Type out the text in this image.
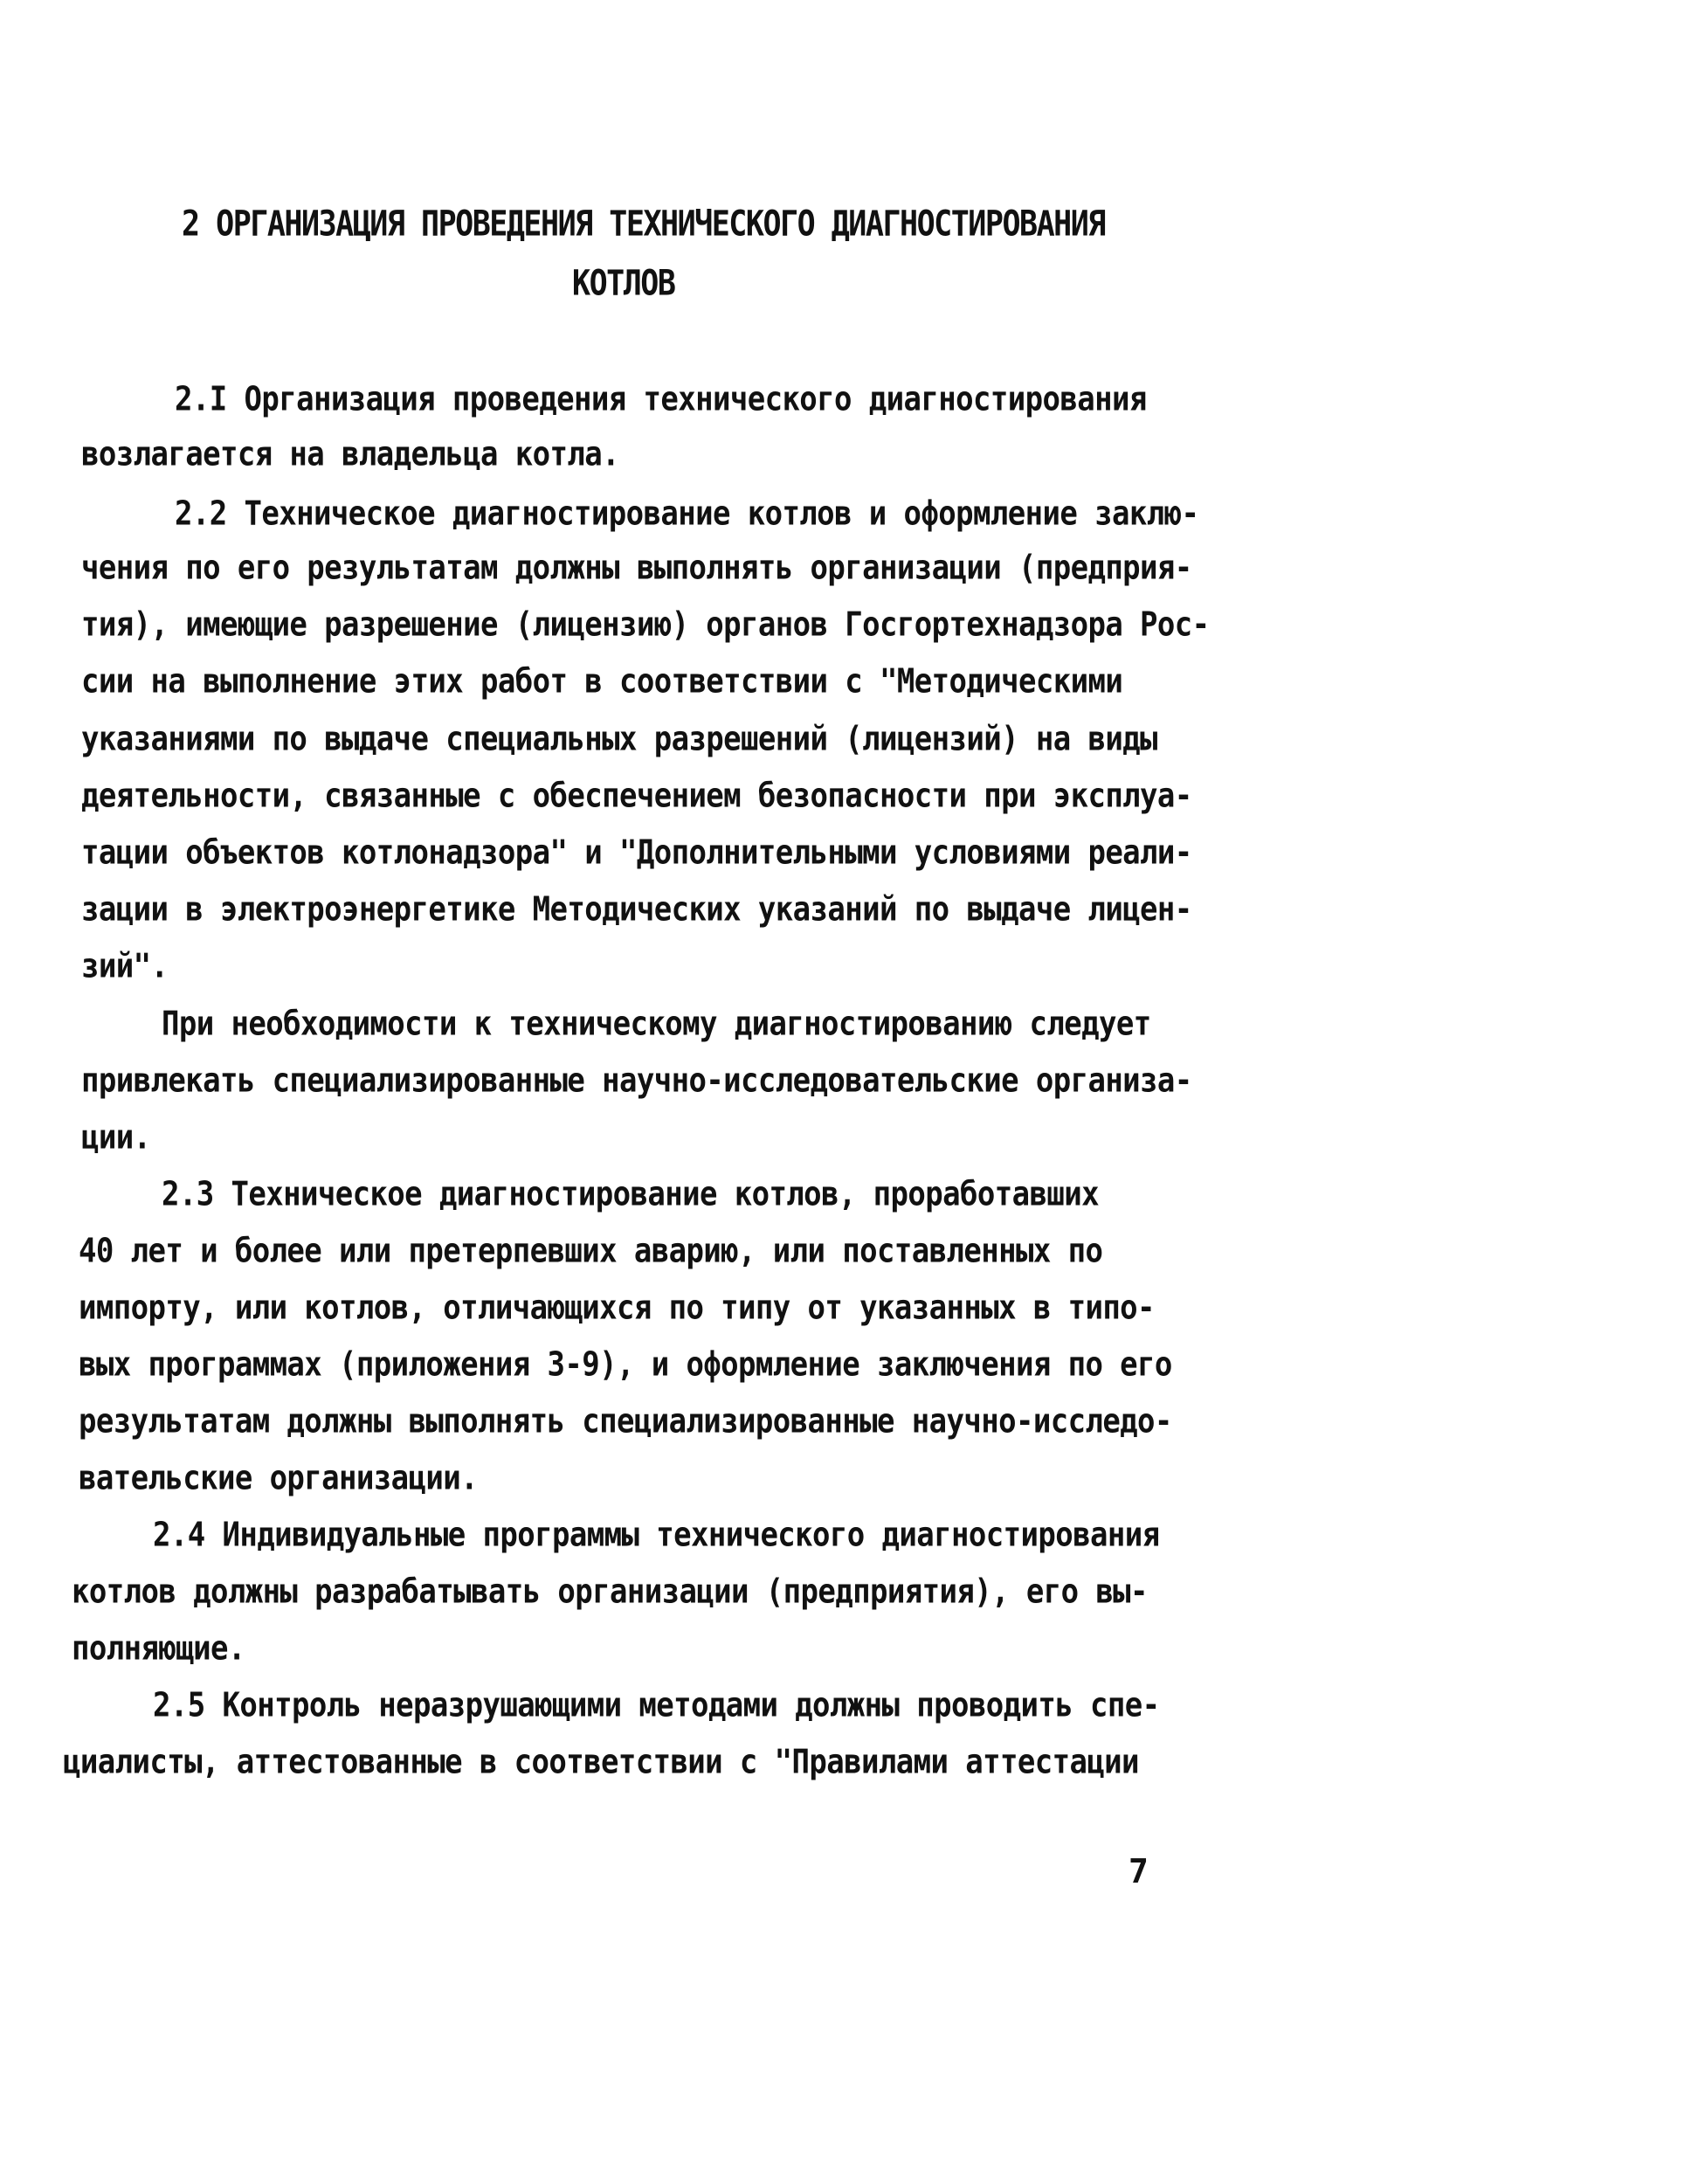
2 ОРГАНИЗАЦИЯ ПРОВЕДЕНИЯ ТЕХНИЧЕСКОГО ДИАГНОСТИРОВАНИЯ
КОТЛОВ
2.I Организация проведения технического диагностирования
возлагается на владельца котла.
2.2 Техническое диагностирование котлов и оформление заклю-
чения по его результатам должны выполнять организации (предприя-
тия), имеющие разрешение (лицензию) органов Госгортехнадзора Рос-
сии на выполнение этих работ в соответствии с "Методическими
указаниями по выдаче специальных разрешений (лицензий) на виды
деятельности, связанные с обеспечением безопасности при эксплуа-
тации объектов котлонадзора" и "Дополнительными условиями реали-
зации в электроэнергетике Методических указаний по выдаче лицен-
зий".
При необходимости к техническому диагностированию следует
привлекать специализированные научно-исследовательские организа-
ции.
2.3 Техническое диагностирование котлов, проработавших
40 лет и более или претерпевших аварию, или поставленных по
импорту, или котлов, отличающихся по типу от указанных в типо-
вых программах (приложения 3-9), и оформление заключения по его
результатам должны выполнять специализированные научно-исследо-
вательские организации.
2.4 Индивидуальные программы технического диагностирования
котлов должны разрабатывать организации (предприятия), его вы-
полняющие.
2.5 Контроль неразрушающими методами должны проводить спе-
циалисты, аттестованные в соответствии с "Правилами аттестации
7
